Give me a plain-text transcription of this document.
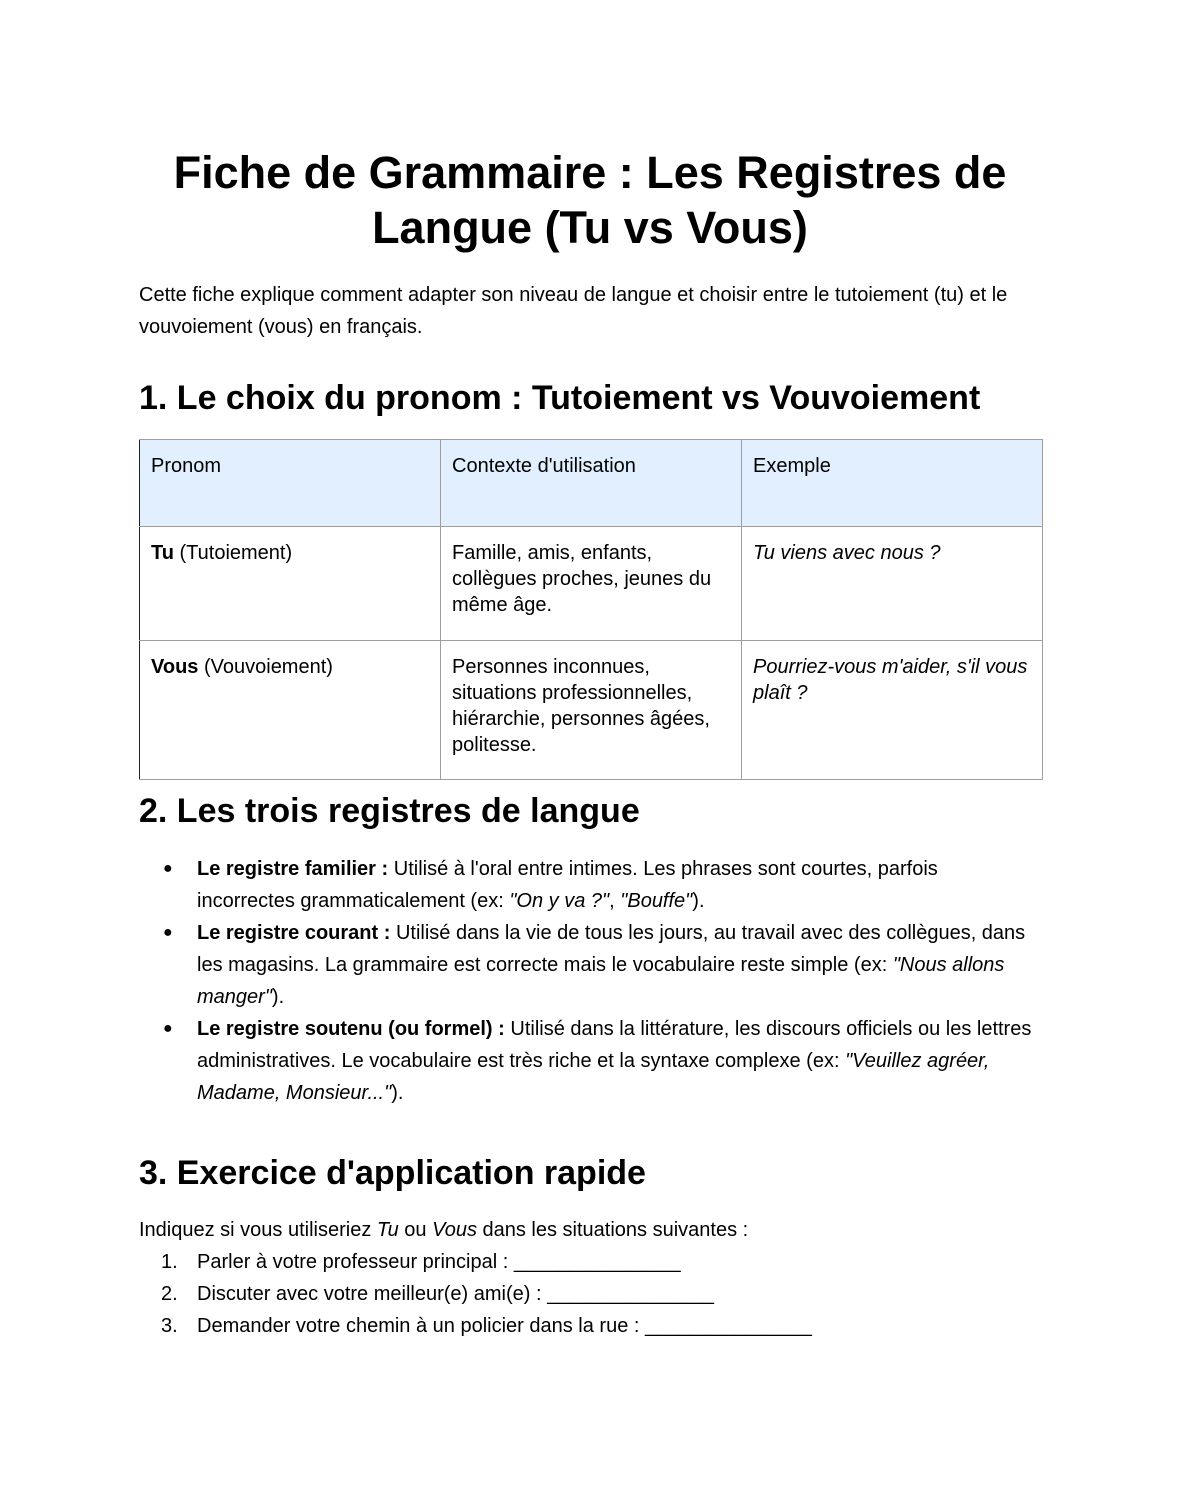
Fiche de Grammaire : Les Registres de Langue (Tu vs Vous)

Cette fiche explique comment adapter son niveau de langue et choisir entre le tutoiement (tu) et le vouvoiement (vous) en français.

1. Le choix du pronom : Tutoiement vs Vouvoiement
Pronom	Contexte d'utilisation	Exemple
Tu (Tutoiement)	Famille, amis, enfants, collègues proches, jeunes du même âge.	Tu viens avec nous ?
Vous (Vouvoiement)	Personnes inconnues, situations professionnelles, hiérarchie, personnes âgées, politesse.	Pourriez-vous m'aider, s'il vous plaît ?
2. Les trois registres de langue
● Le registre familier : Utilisé à l'oral entre intimes. Les phrases sont courtes, parfois incorrectes grammaticalement (ex: "On y va ?", "Bouffe").
● Le registre courant : Utilisé dans la vie de tous les jours, au travail avec des collègues, dans les magasins. La grammaire est correcte mais le vocabulaire reste simple (ex: "Nous allons manger").
● Le registre soutenu (ou formel) : Utilisé dans la littérature, les discours officiels ou les lettres administratives. Le vocabulaire est très riche et la syntaxe complexe (ex: "Veuillez agréer, Madame, Monsieur...").
3. Exercice d'application rapide

Indiquez si vous utiliseriez Tu ou Vous dans les situations suivantes :

1. Parler à votre professeur principal : _______________
2. Discuter avec votre meilleur(e) ami(e) : _______________
3. Demander votre chemin à un policier dans la rue : _______________
